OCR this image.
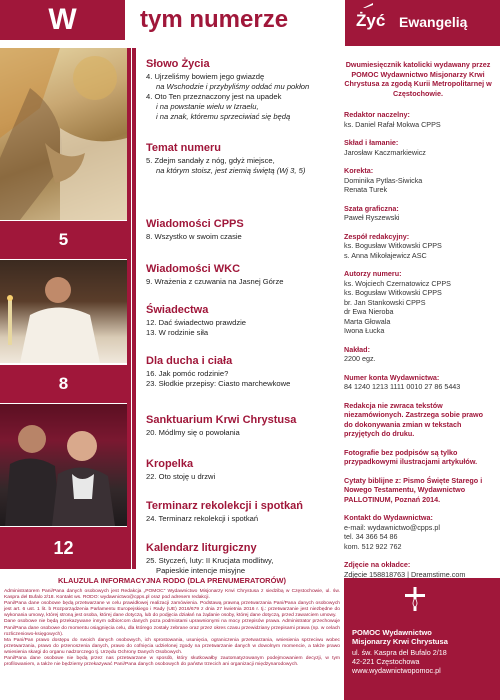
W	tym numerze	Żyć Ewangelią
5
8
12
Słowo Życia
4. Ujrzeliśmy bowiem jego gwiazdę
na Wschodzie i przybyliśmy oddać mu pokłon
4. Oto Ten przeznaczony jest na upadek
i na powstanie wielu w Izraelu,
i na znak, któremu sprzeciwiać się będą
Temat numeru
5. Zdejm sandały z nóg, gdyż miejsce,
na którym stoisz, jest ziemią świętą (Wj 3, 5)
Wiadomości CPPS
8. Wszystko w swoim czasie
Wiadomości WKC
9. Wrażenia z czuwania na Jasnej Górze
Świadectwa
12. Dać świadectwo prawdzie
13. W rodzinie siła
Dla ducha i ciała
16. Jak pomóc rodzinie?
23. Słodkie przepisy: Ciasto marchewkowe
Sanktuarium Krwi Chrystusa
20. Módlmy się o powołania
Kropelka
22. Oto stoję u drzwi
Terminarz rekolekcji i spotkań
24. Terminarz rekolekcji i spotkań
Kalendarz liturgiczny
25. Styczeń, luty: II Krucjata modlitwy,
Papieskie intencje misyjne
Dwumiesięcznik katolicki wydawany przez POMOC Wydawnictwo Misjonarzy Krwi Chrystusa za zgodą Kurii Metropolitarnej w Częstochowie.
Redaktor naczelny:
ks. Daniel Rafał Mokwa CPPS
Skład i łamanie:
Jarosław Kaczmarkiewicz
Korekta:
Dominika Pytlas-Siwicka
Renata Turek
Szata graficzna:
Paweł Ryszewski
Zespół redakcyjny:
ks. Bogusław Witkowski CPPS
s. Anna Mikołajewicz ASC
Autorzy numeru:
ks. Wojciech Czernatowicz CPPS
ks. Bogusław Witkowski CPPS
br. Jan Stankowski CPPS
dr Ewa Nieroba
Marta Głowala
Iwona Łucka
Nakład:
2200 egz.
Numer konta Wydawnictwa:
84 1240 1213 1111 0010 27 86 5443
Redakcja nie zwraca tekstów niezamówionych. Zastrzega sobie prawo do dokonywania zmian w tekstach przyjętych do druku.
Fotografie bez podpisów są tylko przypadkowymi ilustracjami artykułów.
Cytaty biblijne z: Pismo Święte Starego i Nowego Testamentu, Wydawnictwo PALLOTINUM, Poznań 2014.
Kontakt do Wydawnictwa:
e-mail: wydawnictwo@cpps.pl
tel. 34 366 54 86
kom. 512 922 762
Zdjęcie na okładce:
Zdjęcie 158818763 | Dreamstime.com
KLAUZULA INFORMACYJNA RODO (DLA PRENUMERATORÓW)

Administratorem Pani/Pana danych osobowych jest Redakcja „POMOC” Wydawnictwo Misjonarzy Krwi Chrystusa z siedzibą w Częstochowie, ul. św. Kaspra del Bufalo 2/18. Kontakt ws. RODO: wydawnictwo@cpps.pl oraz pod adresem redakcji.

Pani/Pana dane osobowe będą przetwarzane w celu prawidłowej realizacji zamówienia. Podstawą prawną przetwarzania Pani/Pana danych osobowych jest art. 6 ust. 1 lit. b Rozporządzenia Parlamentu Europejskiego i Rady (UE) 2016/679 z dnia 27 kwietnia 2016 r. tj.: przetwarzanie jest niezbędne do wykonania umowy, której stroną jest osoba, której dane dotyczą, lub do podjęcia działań na żądanie osoby, której dane dotyczą, przed zawarciem umowy.

Dane osobowe nie będą przekazywane innym odbiorcom danych poza podmiotami uprawnionymi na mocy przepisów prawa. Administrator przechowuje Pani/Pana dane osobowe do momentu osiągnięcia celu, dla którego zostały zebrane oraz przez okres czasu przewidziany przepisami prawa (np. w celach rozliczeniowo-księgowych).

Ma Pani/Pan prawo dostępu do swoich danych osobowych, ich sprostowania, usunięcia, ograniczenia przetwarzania, wniesienia sprzeciwu wobec przetwarzania, prawo do przenoszenia danych, prawo do cofnięcia udzielonej zgody na przetwarzanie danych w dowolnym momencie, a także prawo wniesienia skargi do organu nadzorczego tj. Urzędu Ochrony Danych Osobowych.

Pani/Pana dane osobowe nie będą przez nas przetwarzane w sposób, który skutkowałby zautomatyzowanym podejmowaniem decyzji, w tym profilowaniem, a także nie będziemy przekazywać Pani/Pana danych osobowych do państw trzecich ani organizacji międzynarodowych.

POMOC Wydawnictwo
Misjonarzy Krwi Chrystusa
ul. św. Kaspra del Bufalo 2/18
42-221 Częstochowa
www.wydawnictwopomoc.pl
